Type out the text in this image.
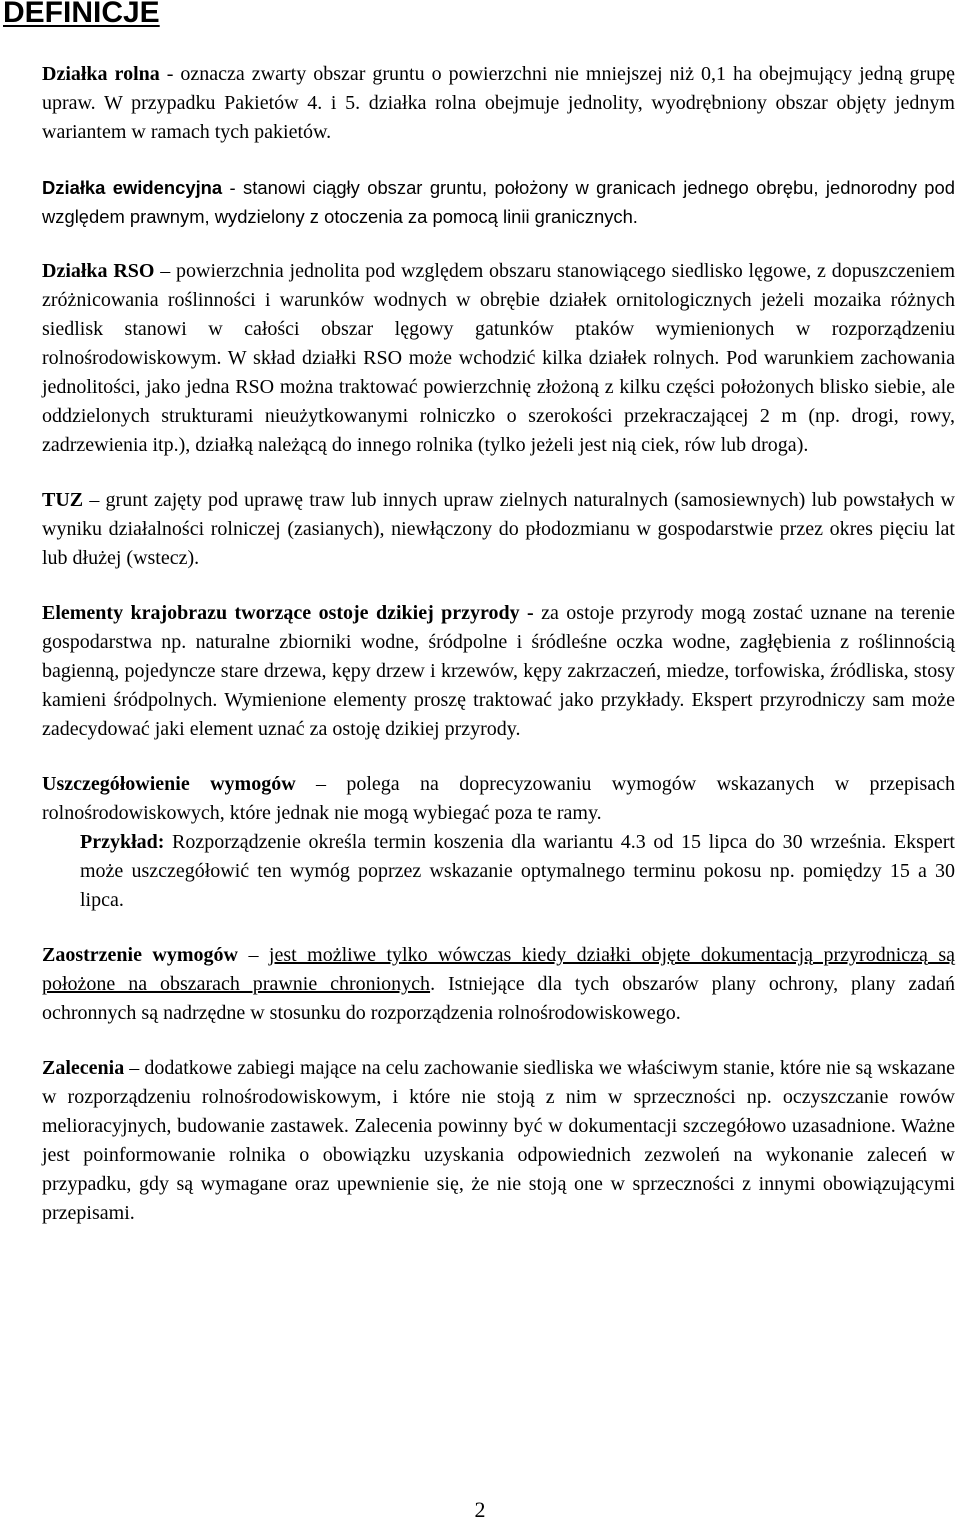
DEFINICJE

Działka rolna - oznacza zwarty obszar gruntu o powierzchni nie mniejszej niż 0,1 ha obejmujący jedną grupę upraw. W przypadku Pakietów 4. i 5. działka rolna obejmuje jednolity, wyodrębniony obszar objęty jednym wariantem w ramach tych pakietów.

Działka ewidencyjna - stanowi ciągły obszar gruntu, położony w granicach jednego obrębu, jednorodny pod względem prawnym, wydzielony z otoczenia za pomocą linii granicznych.

Działka RSO – powierzchnia jednolita pod względem obszaru stanowiącego siedlisko lęgowe, z dopuszczeniem zróżnicowania roślinności i warunków wodnych w obrębie działek ornitologicznych jeżeli mozaika różnych siedlisk stanowi w całości obszar lęgowy gatunków ptaków wymienionych w rozporządzeniu rolnośrodowiskowym. W skład działki RSO może wchodzić kilka działek rolnych. Pod warunkiem zachowania jednolitości, jako jedna RSO można traktować powierzchnię złożoną z kilku części położonych blisko siebie, ale oddzielonych strukturami nieużytkowanymi rolniczko o szerokości przekraczającej 2 m (np. drogi, rowy, zadrzewienia itp.), działką należącą do innego rolnika (tylko jeżeli jest nią ciek, rów lub droga).

TUZ – grunt zajęty pod uprawę traw lub innych upraw zielnych naturalnych (samosiewnych) lub powstałych w wyniku działalności rolniczej (zasianych), niewłączony do płodozmianu w gospodarstwie przez okres pięciu lat lub dłużej (wstecz).

Elementy krajobrazu tworzące ostoje dzikiej przyrody - za ostoje przyrody mogą zostać uznane na terenie gospodarstwa np. naturalne zbiorniki wodne, śródpolne i śródleśne oczka wodne, zagłębienia z roślinnością bagienną, pojedyncze stare drzewa, kępy drzew i krzewów, kępy zakrzaczeń, miedze, torfowiska, źródliska, stosy kamieni śródpolnych. Wymienione elementy proszę traktować jako przykłady. Ekspert przyrodniczy sam może zadecydować jaki element uznać za ostoję dzikiej przyrody.

Uszczegółowienie wymogów – polega na doprecyzowaniu wymogów wskazanych w przepisach rolnośrodowiskowych, które jednak nie mogą wybiegać poza te ramy.

Przykład: Rozporządzenie określa termin koszenia dla wariantu 4.3 od 15 lipca do 30 września. Ekspert może uszczegółowić ten wymóg poprzez wskazanie optymalnego terminu pokosu np. pomiędzy 15 a 30 lipca.

Zaostrzenie wymogów – jest możliwe tylko wówczas kiedy działki objęte dokumentacją przyrodniczą są położone na obszarach prawnie chronionych. Istniejące dla tych obszarów plany ochrony, plany zadań ochronnych są nadrzędne w stosunku do rozporządzenia rolnośrodowiskowego.

Zalecenia – dodatkowe zabiegi mające na celu zachowanie siedliska we właściwym stanie, które nie są wskazane w rozporządzeniu rolnośrodowiskowym, i które nie stoją z nim w sprzeczności np. oczyszczanie rowów melioracyjnych, budowanie zastawek. Zalecenia powinny być w dokumentacji szczegółowo uzasadnione. Ważne jest poinformowanie rolnika o obowiązku uzyskania odpowiednich zezwoleń na wykonanie zaleceń w przypadku, gdy są wymagane oraz upewnienie się, że nie stoją one w sprzeczności z innymi obowiązującymi przepisami.

2
